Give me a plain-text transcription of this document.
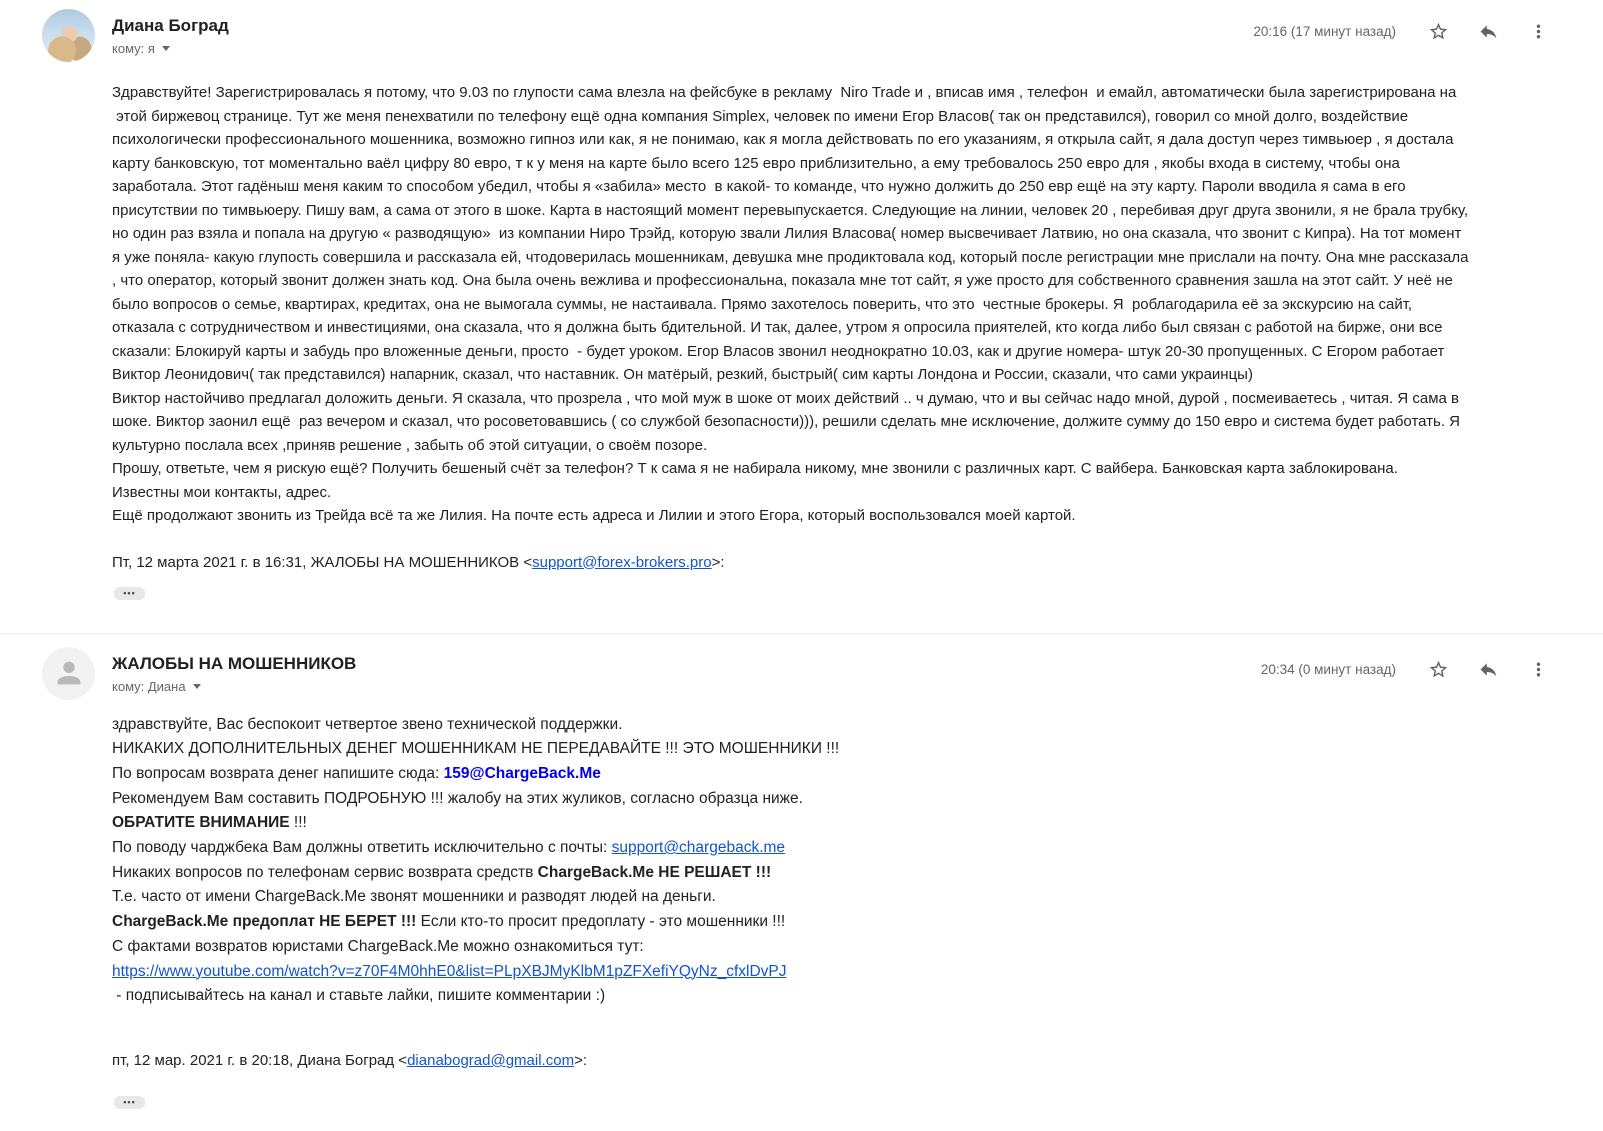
Диана Боград
кому: я
20:16 (17 минут назад)
Здравствуйте! Зарегистрировалась я потому, что 9.03 по глупости сама влезла на фейсбуке в рекламу  Niro Trade и , вписав имя , телефон  и емайл, автоматически была зарегистрирована на
этой биржевоц странице. Тут же меня пенехватили по телефону ещё одна компания Simplex, человек по имени Егор Власов( так он представился), говорил со мной долго, воздействие
психологически профессионального мошенника, возможно гипноз или как, я не понимаю, как я могла действовать по его указаниям, я открыла сайт, я дала доступ через тимвьюер , я достала
карту банковскую, тот моментально ваёл цифру 80 евро, т к у меня на карте было всего 125 евро приблизительно, а ему требовалось 250 евро для , якобы входа в систему, чтобы она
заработала. Этот гадёныш меня каким то способом убедил, чтобы я «забила» место  в какой- то команде, что нужно должить до 250 евр ещё на эту карту. Пароли вводила я сама в его
присутствии по тимвьюеру. Пишу вам, а сама от этого в шоке. Карта в настоящий момент перевыпускается. Следующие на линии, человек 20 , перебивая друг друга звонили, я не брала трубку,
но один раз взяла и попала на другую « разводящую»  из компании Ниро Трэйд, которую звали Лилия Власова( номер высвечивает Латвию, но она сказала, что звонит с Кипра). На тот момент
я уже поняла- какую глупость совершила и рассказала ей, чтодоверилась мошенникам, девушка мне продиктовала код, который после регистрации мне прислали на почту. Она мне рассказала
, что оператор, который звонит должен знать код. Она была очень вежлива и профессиональна, показала мне тот сайт, я уже просто для собственного сравнения зашла на этот сайт. У неё не
было вопросов о семье, квартирах, кредитах, она не вымогала суммы, не настаивала. Прямо захотелось поверить, что это  честные брокеры. Я  роблагодарила её за экскурсию на сайт,
отказала с сотрудничеством и инвестициями, она сказала, что я должна быть бдительной. И так, далее, утром я опросила приятелей, кто когда либо был связан с работой на бирже, они все
сказали: Блокируй карты и забудь про вложенные деньги, просто  - будет уроком. Егор Власов звонил неоднократно 10.03, как и другие номера- штук 20-30 пропущенных. С Егором работает
Виктор Леонидович( так представился) напарник, сказал, что наставник. Он матёрый, резкий, быстрый( сим карты Лондона и России, сказали, что сами украинцы)
Виктор настойчиво предлагал доложить деньги. Я сказала, что прозрела , что мой муж в шоке от моих действий .. ч думаю, что и вы сейчас надо мной, дурой , посмеиваетесь , читая. Я сама в
шоке. Виктор заонил ещё  раз вечером и сказал, что росоветовавшись ( со службой безопасности))), решили сделать мне исключение, должите сумму до 150 евро и система будет работать. Я
культурно послала всех ,приняв решение , забыть об этой ситуации, о своём позоре.
Прошу, ответьте, чем я рискую ещё? Получить бешеный счёт за телефон? Т к сама я не набирала никому, мне звонили с различных карт. С вайбера. Банковская карта заблокирована.
Известны мои контакты, адрес.
Ещё продолжают звонить из Трейда всё та же Лилия. На почте есть адреса и Лилии и этого Егора, который воспользовался моей картой.
Пт, 12 марта 2021 г. в 16:31, ЖАЛОБЫ НА МОШЕННИКОВ <support@forex-brokers.pro>:
•••
ЖАЛОБЫ НА МОШЕННИКОВ
кому: Диана
20:34 (0 минут назад)
здравствуйте, Вас беспокоит четвертое звено технической поддержки.
НИКАКИХ ДОПОЛНИТЕЛЬНЫХ ДЕНЕГ МОШЕННИКАМ НЕ ПЕРЕДАВАЙТЕ !!! ЭТО МОШЕННИКИ !!!
По вопросам возврата денег напишите сюда: 159@ChargeBack.Me
Рекомендуем Вам составить ПОДРОБНУЮ !!! жалобу на этих жуликов, согласно образца ниже.
ОБРАТИТЕ ВНИМАНИЕ !!!
По поводу чарджбека Вам должны ответить исключительно с почты: support@chargeback.me
Никаких вопросов по телефонам сервис возврата средств ChargeBack.Me НЕ РЕШАЕТ !!!
Т.е. часто от имени ChargeBack.Me звонят мошенники и разводят людей на деньги.
ChargeBack.Me предоплат НЕ БЕРЕТ !!! Если кто-то просит предоплату - это мошенники !!!
С фактами возвратов юристами ChargeBack.Me можно ознакомиться тут:
https://www.youtube.com/watch?v=z70F4M0hhE0&list=PLpXBJMyKlbM1pZFXefiYQyNz_cfxlDvPJ
- подписывайтесь на канал и ставьте лайки, пишите комментарии :)
пт, 12 мар. 2021 г. в 20:18, Диана Боград <dianabograd@gmail.com>:
•••
